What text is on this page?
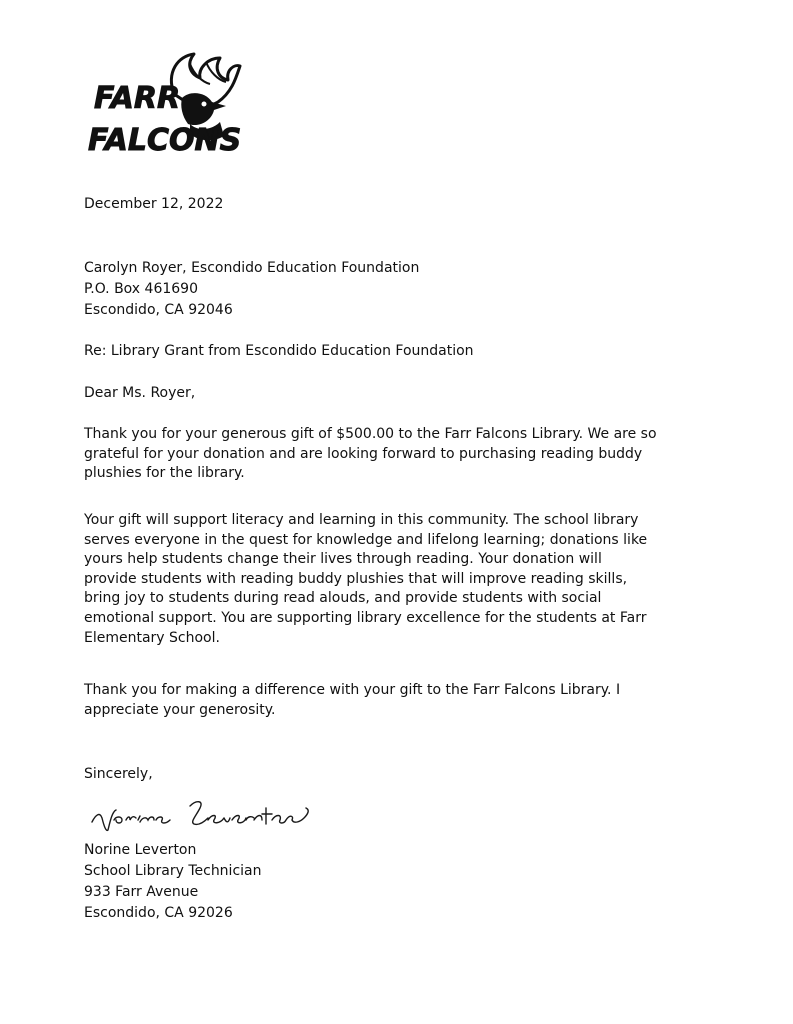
FARR
FALCONS
December 12, 2022
Carolyn Royer, Escondido Education Foundation
P.O. Box 461690
Escondido, CA 92046
Re: Library Grant from Escondido Education Foundation
Dear Ms. Royer,
Thank you for your generous gift of $500.00 to the Farr Falcons Library. We are so
grateful for your donation and are looking forward to purchasing reading buddy
plushies for the library.
Your gift will support literacy and learning in this community. The school library
serves everyone in the quest for knowledge and lifelong learning; donations like
yours help students change their lives through reading. Your donation will
provide students with reading buddy plushies that will improve reading skills,
bring joy to students during read alouds, and provide students with social
emotional support. You are supporting library excellence for the students at Farr
Elementary School.
Thank you for making a difference with your gift to the Farr Falcons Library. I
appreciate your generosity.
Sincerely,
Norine Leverton
School Library Technician
933 Farr Avenue
Escondido, CA 92026
